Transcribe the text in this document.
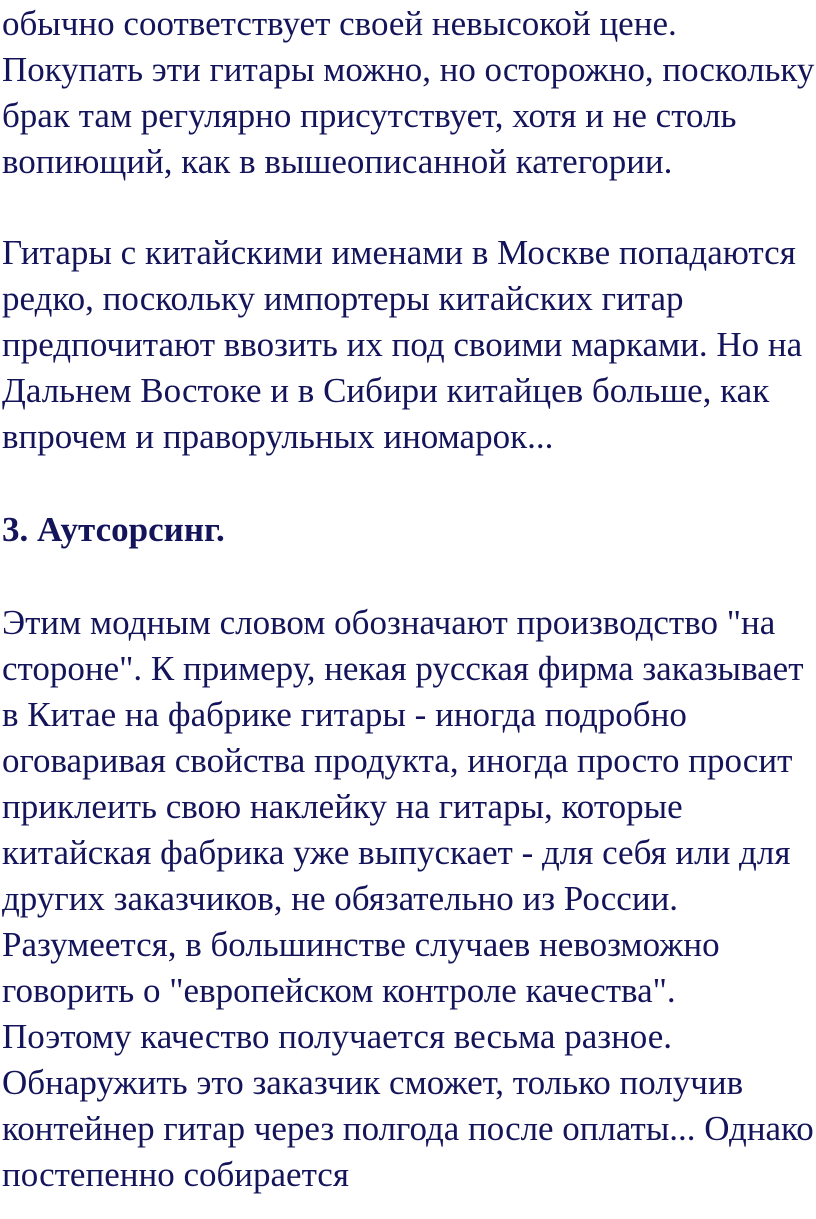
обычно соответствует своей невысокой цене.
Покупать эти гитары можно, но осторожно, поскольку
брак там регулярно присутствует, хотя и не столь
вопиющий, как в вышеописанной категории.
Гитары с китайскими именами в Москве попадаются
редко, поскольку импортеры китайских гитар
предпочитают ввозить их под своими марками. Но на
Дальнем Востоке и в Сибири китайцев больше, как
впрочем и праворульных иномарок...
3. Аутсорсинг.
Этим модным словом обозначают производство "на
стороне". К примеру, некая русская фирма заказывает
в Китае на фабрике гитары - иногда подробно
оговаривая свойства продукта, иногда просто просит
приклеить свою наклейку на гитары, которые
китайская фабрика уже выпускает - для себя или для
других заказчиков, не обязательно из России.
Разумеется, в большинстве случаев невозможно
говорить о "европейском контроле качества".
Поэтому качество получается весьма разное.
Обнаружить это заказчик сможет, только получив
контейнер гитар через полгода после оплаты... Однако
постепенно собирается
